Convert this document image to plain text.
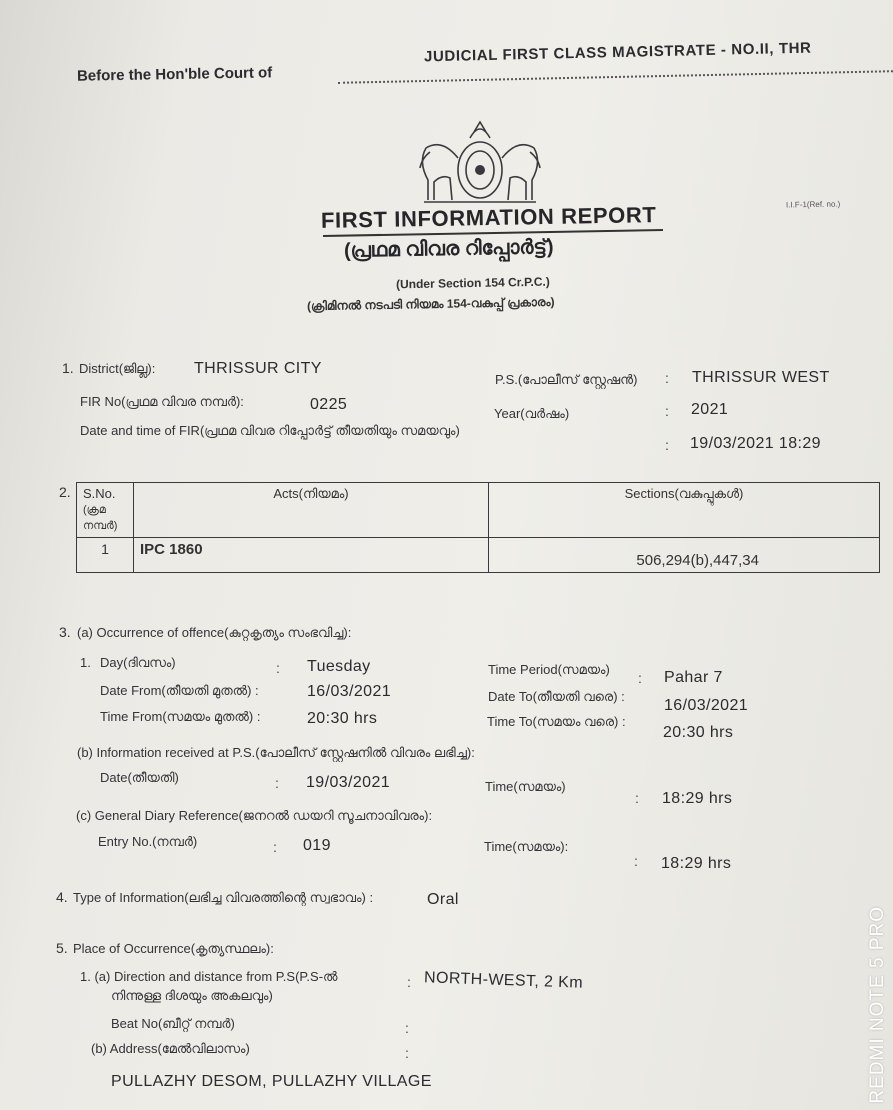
Before the Hon'ble Court of
JUDICIAL FIRST CLASS MAGISTRATE - NO.II, THR
I.I.F-1(Ref. no.)
FIRST INFORMATION REPORT
(പ്രഥമ വിവര റിപ്പോർട്ട്)
(Under Section 154 Cr.P.C.)
(ക്രിമിനൽ നടപടി നിയമം 154-വകുപ്പ് പ്രകാരം)
1. District(ജില്ല): THRISSUR CITY
P.S.(പോലീസ് സ്റ്റേഷൻ) : THRISSUR WEST
FIR No(പ്രഥമ വിവര നമ്പർ):	0225
Year(വർഷം)	: 2021
Date and time of FIR(പ്രഥമ വിവര റിപ്പോർട്ട് തീയതിയും സമയവും)
: 19/03/2021 18:29
2. S.No.
(ക്രമ നമ്പർ)	Acts(നിയമം)	Sections(വകുപ്പുകൾ)
1	IPC 1860	506,294(b),447,34
3. (a) Occurrence of offence(കുറ്റകൃത്യം സംഭവിച്ച):
1. Day(ദിവസം)	: Tuesday	Time Period(സമയം)
: Pahar 7
Date From(തീയതി മുതൽ) :	16/03/2021	Date To(തീയതി വരെ) :
16/03/2021
Time From(സമയം മുതൽ) :	20:30 hrs	Time To(സമയം വരെ) :
20:30 hrs
(b) Information received at P.S.(പോലീസ് സ്റ്റേഷനിൽ വിവരം ലഭിച്ച):
Date(തീയതി)	: 19/03/2021	Time(സമയം)
: 18:29 hrs
(c) General Diary Reference(ജനറൽ ഡയറി സൂചനാവിവരം):
Entry No.(നമ്പർ)	: 019	Time(സമയം):
: 18:29 hrs
4. Type of Information(ലഭിച്ച വിവരത്തിന്റെ സ്വഭാവം) :	Oral
5. Place of Occurrence(കൃത്യസ്ഥലം):
1. (a) Direction and distance from P.S(P.S-ൽ
നിന്നുള്ള ദിശയും അകലവും)
: NORTH-WEST, 2 Km
Beat No(ബീറ്റ് നമ്പർ)	:
(b) Address(മേൽവിലാസം)	:
PULLAZHY DESOM, PULLAZHY VILLAGE	REDMI NOTE 5 PRO
